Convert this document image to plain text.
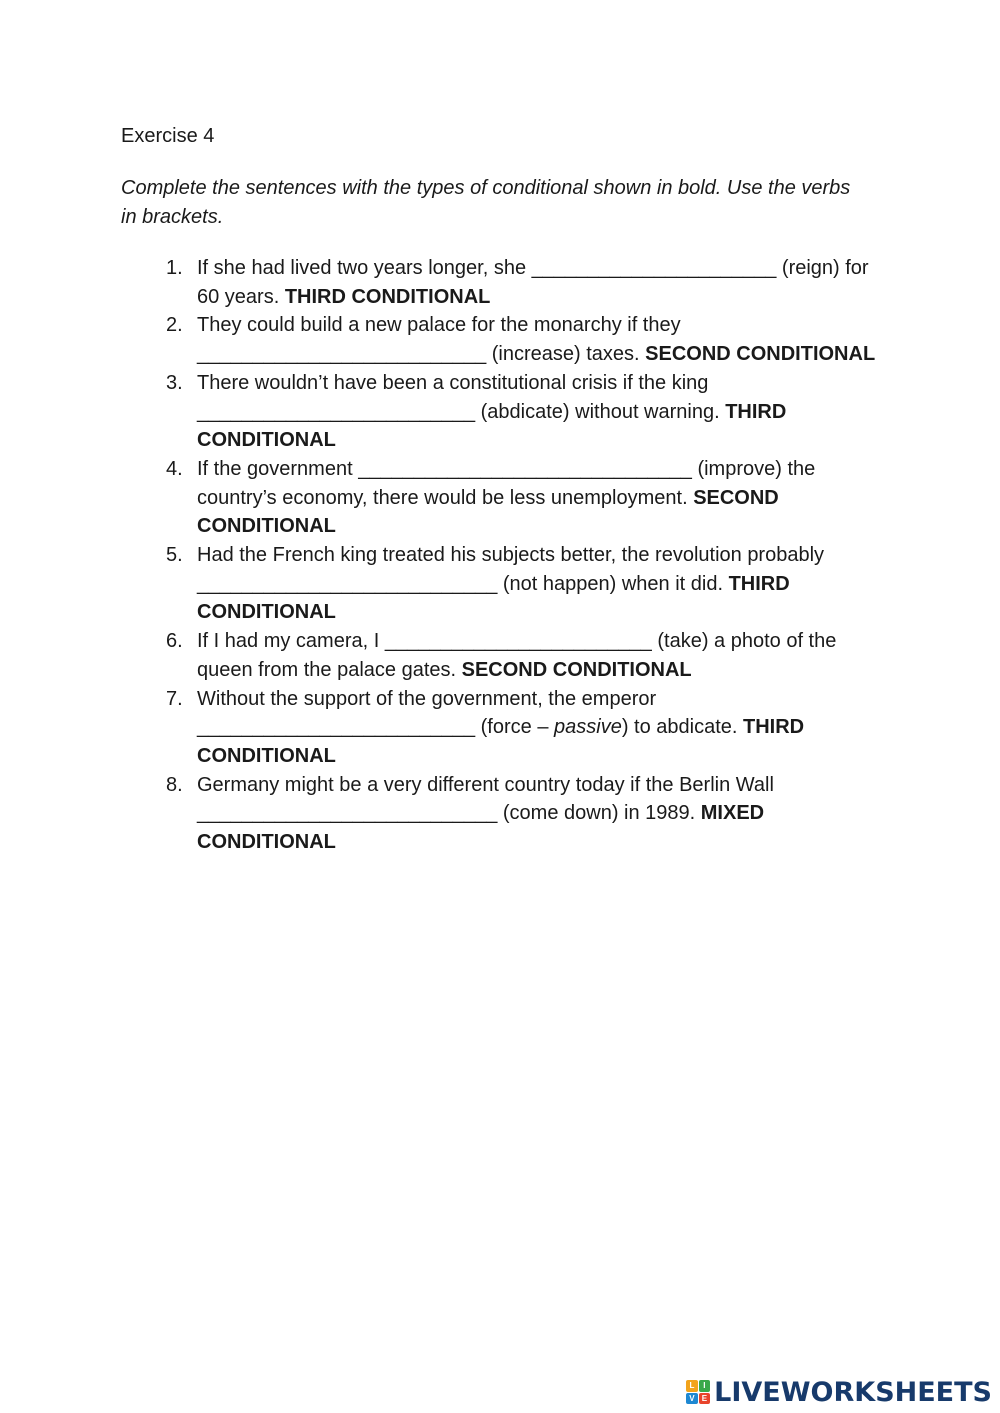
Exercise 4
Complete the sentences with the types of conditional shown in bold. Use the verbs in brackets.
1. If she had lived two years longer, she ______________________ (reign) for 60 years. THIRD CONDITIONAL
2. They could build a new palace for the monarchy if they __________________________ (increase) taxes. SECOND CONDITIONAL
3. There wouldn’t have been a constitutional crisis if the king _________________________ (abdicate) without warning. THIRD CONDITIONAL
4. If the government ______________________________ (improve) the country’s economy, there would be less unemployment. SECOND CONDITIONAL
5. Had the French king treated his subjects better, the revolution probably ___________________________ (not happen) when it did. THIRD CONDITIONAL
6. If I had my camera, I ________________________ (take) a photo of the queen from the palace gates. SECOND CONDITIONAL
7. Without the support of the government, the emperor _________________________ (force – passive) to abdicate. THIRD CONDITIONAL
8. Germany might be a very different country today if the Berlin Wall ___________________________ (come down) in 1989. MIXED CONDITIONAL
L	I
V E LIVEWORKSHEETS
